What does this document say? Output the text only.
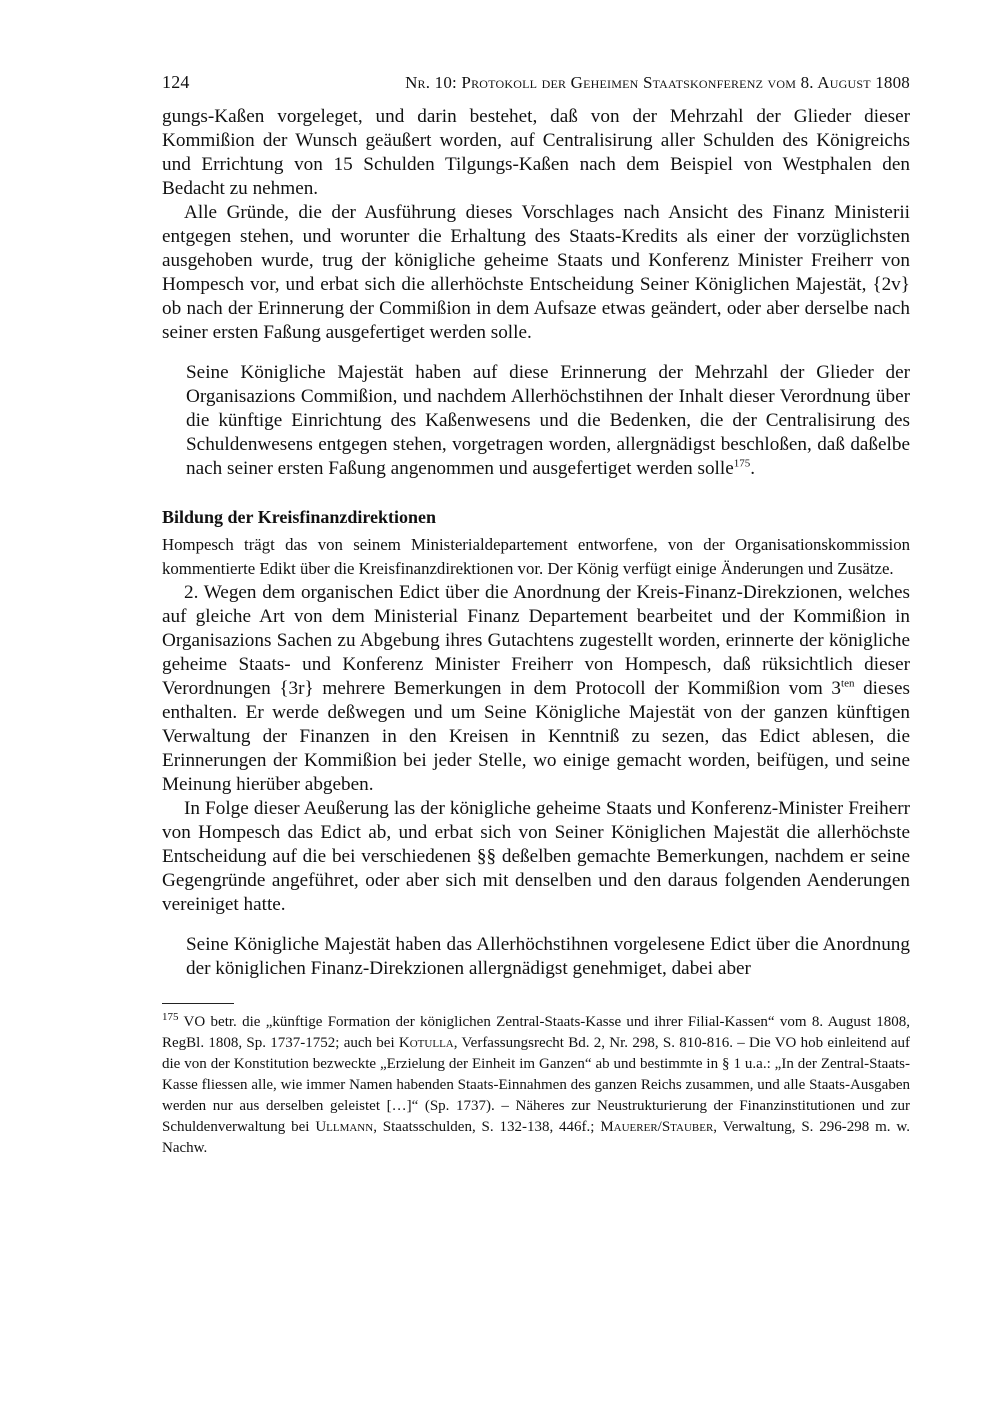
124	Nr. 10: Protokoll der Geheimen Staatskonferenz vom 8. August 1808

gungs-Kaßen vorgeleget, und darin bestehet, daß von der Mehrzahl der Glieder dieser Kommißion der Wunsch geäußert worden, auf Centralisirung aller Schulden des Königreichs und Errichtung von 15 Schulden Tilgungs-Kaßen nach dem Beispiel von Westphalen den Bedacht zu nehmen.

Alle Gründe, die der Ausführung dieses Vorschlages nach Ansicht des Finanz Ministerii entgegen stehen, und worunter die Erhaltung des Staats-Kredits als einer der vorzüglichsten ausgehoben wurde, trug der königliche geheime Staats und Konferenz Minister Freiherr von Hompesch vor, und erbat sich die allerhöchste Entscheidung Seiner Königlichen Majestät, {2v} ob nach der Erinnerung der Commißion in dem Aufsaze etwas geändert, oder aber derselbe nach seiner ersten Faßung ausgefertiget werden solle.

Seine Königliche Majestät haben auf diese Erinnerung der Mehrzahl der Glieder der Organisazions Commißion, und nachdem Allerhöchstihnen der Inhalt dieser Verordnung über die künftige Einrichtung des Kaßenwesens und die Bedenken, die der Centralisirung des Schuldenwesens entgegen stehen, vorgetragen worden, allergnädigst beschloßen, daß daßelbe nach seiner ersten Faßung angenommen und ausgefertiget werden solle$^{175}$.

Bildung der Kreisfinanzdirektionen

Hompesch trägt das von seinem Ministerialdepartement entworfene, von der Organisationskommission kommentierte Edikt über die Kreisfinanzdirektionen vor. Der König verfügt einige Änderungen und Zusätze.

2. Wegen dem organischen Edict über die Anordnung der Kreis-Finanz-Direkzionen, welches auf gleiche Art von dem Ministerial Finanz Departement bearbeitet und der Kommißion in Organisazions Sachen zu Abgebung ihres Gutachtens zugestellt worden, erinnerte der königliche geheime Staats- und Konferenz Minister Freiherr von Hompesch, daß rüksichtlich dieser Verordnungen {3r} mehrere Bemerkungen in dem Protocoll der Kommißion vom $3^{ten}$ dieses enthalten. Er werde deßwegen und um Seine Königliche Majestät von der ganzen künftigen Verwaltung der Finanzen in den Kreisen in Kenntniß zu sezen, das Edict ablesen, die Erinnerungen der Kommißion bei jeder Stelle, wo einige gemacht worden, beifügen, und seine Meinung hierüber abgeben.

In Folge dieser Aeußerung las der königliche geheime Staats und Konferenz-Minister Freiherr von Hompesch das Edict ab, und erbat sich von Seiner Königlichen Majestät die allerhöchste Entscheidung auf die bei verschiedenen §§ deßelben gemachte Bemerkungen, nachdem er seine Gegengründe angeführet, oder aber sich mit denselben und den daraus folgenden Aenderungen vereiniget hatte.

Seine Königliche Majestät haben das Allerhöchstihnen vorgelesene Edict über die Anordnung der königlichen Finanz-Direkzionen allergnädigst genehmiget, dabei aber

$^{175}$ VO betr. die „künftige Formation der königlichen Zentral-Staats-Kasse und ihrer Filial-Kassen“ vom 8. August 1808, RegBl. 1808, Sp. 1737-1752; auch bei Kotulla, Verfassungsrecht Bd. 2, Nr. 298, S. 810-816. – Die VO hob einleitend auf die von der Konstitution bezweckte „Erzielung der Einheit im Ganzen“ ab und bestimmte in § 1 u.a.: „In der Zentral-Staats-Kasse fliessen alle, wie immer Namen habenden Staats-Einnahmen des ganzen Reichs zusammen, und alle Staats-Ausgaben werden nur aus derselben geleistet […]“ (Sp. 1737). – Näheres zur Neustrukturierung der Finanzinstitutionen und zur Schuldenverwaltung bei Ullmann, Staatsschulden, S. 132-138, 446f.; Mauerer/Stauber, Verwaltung, S. 296-298 m. w. Nachw.
